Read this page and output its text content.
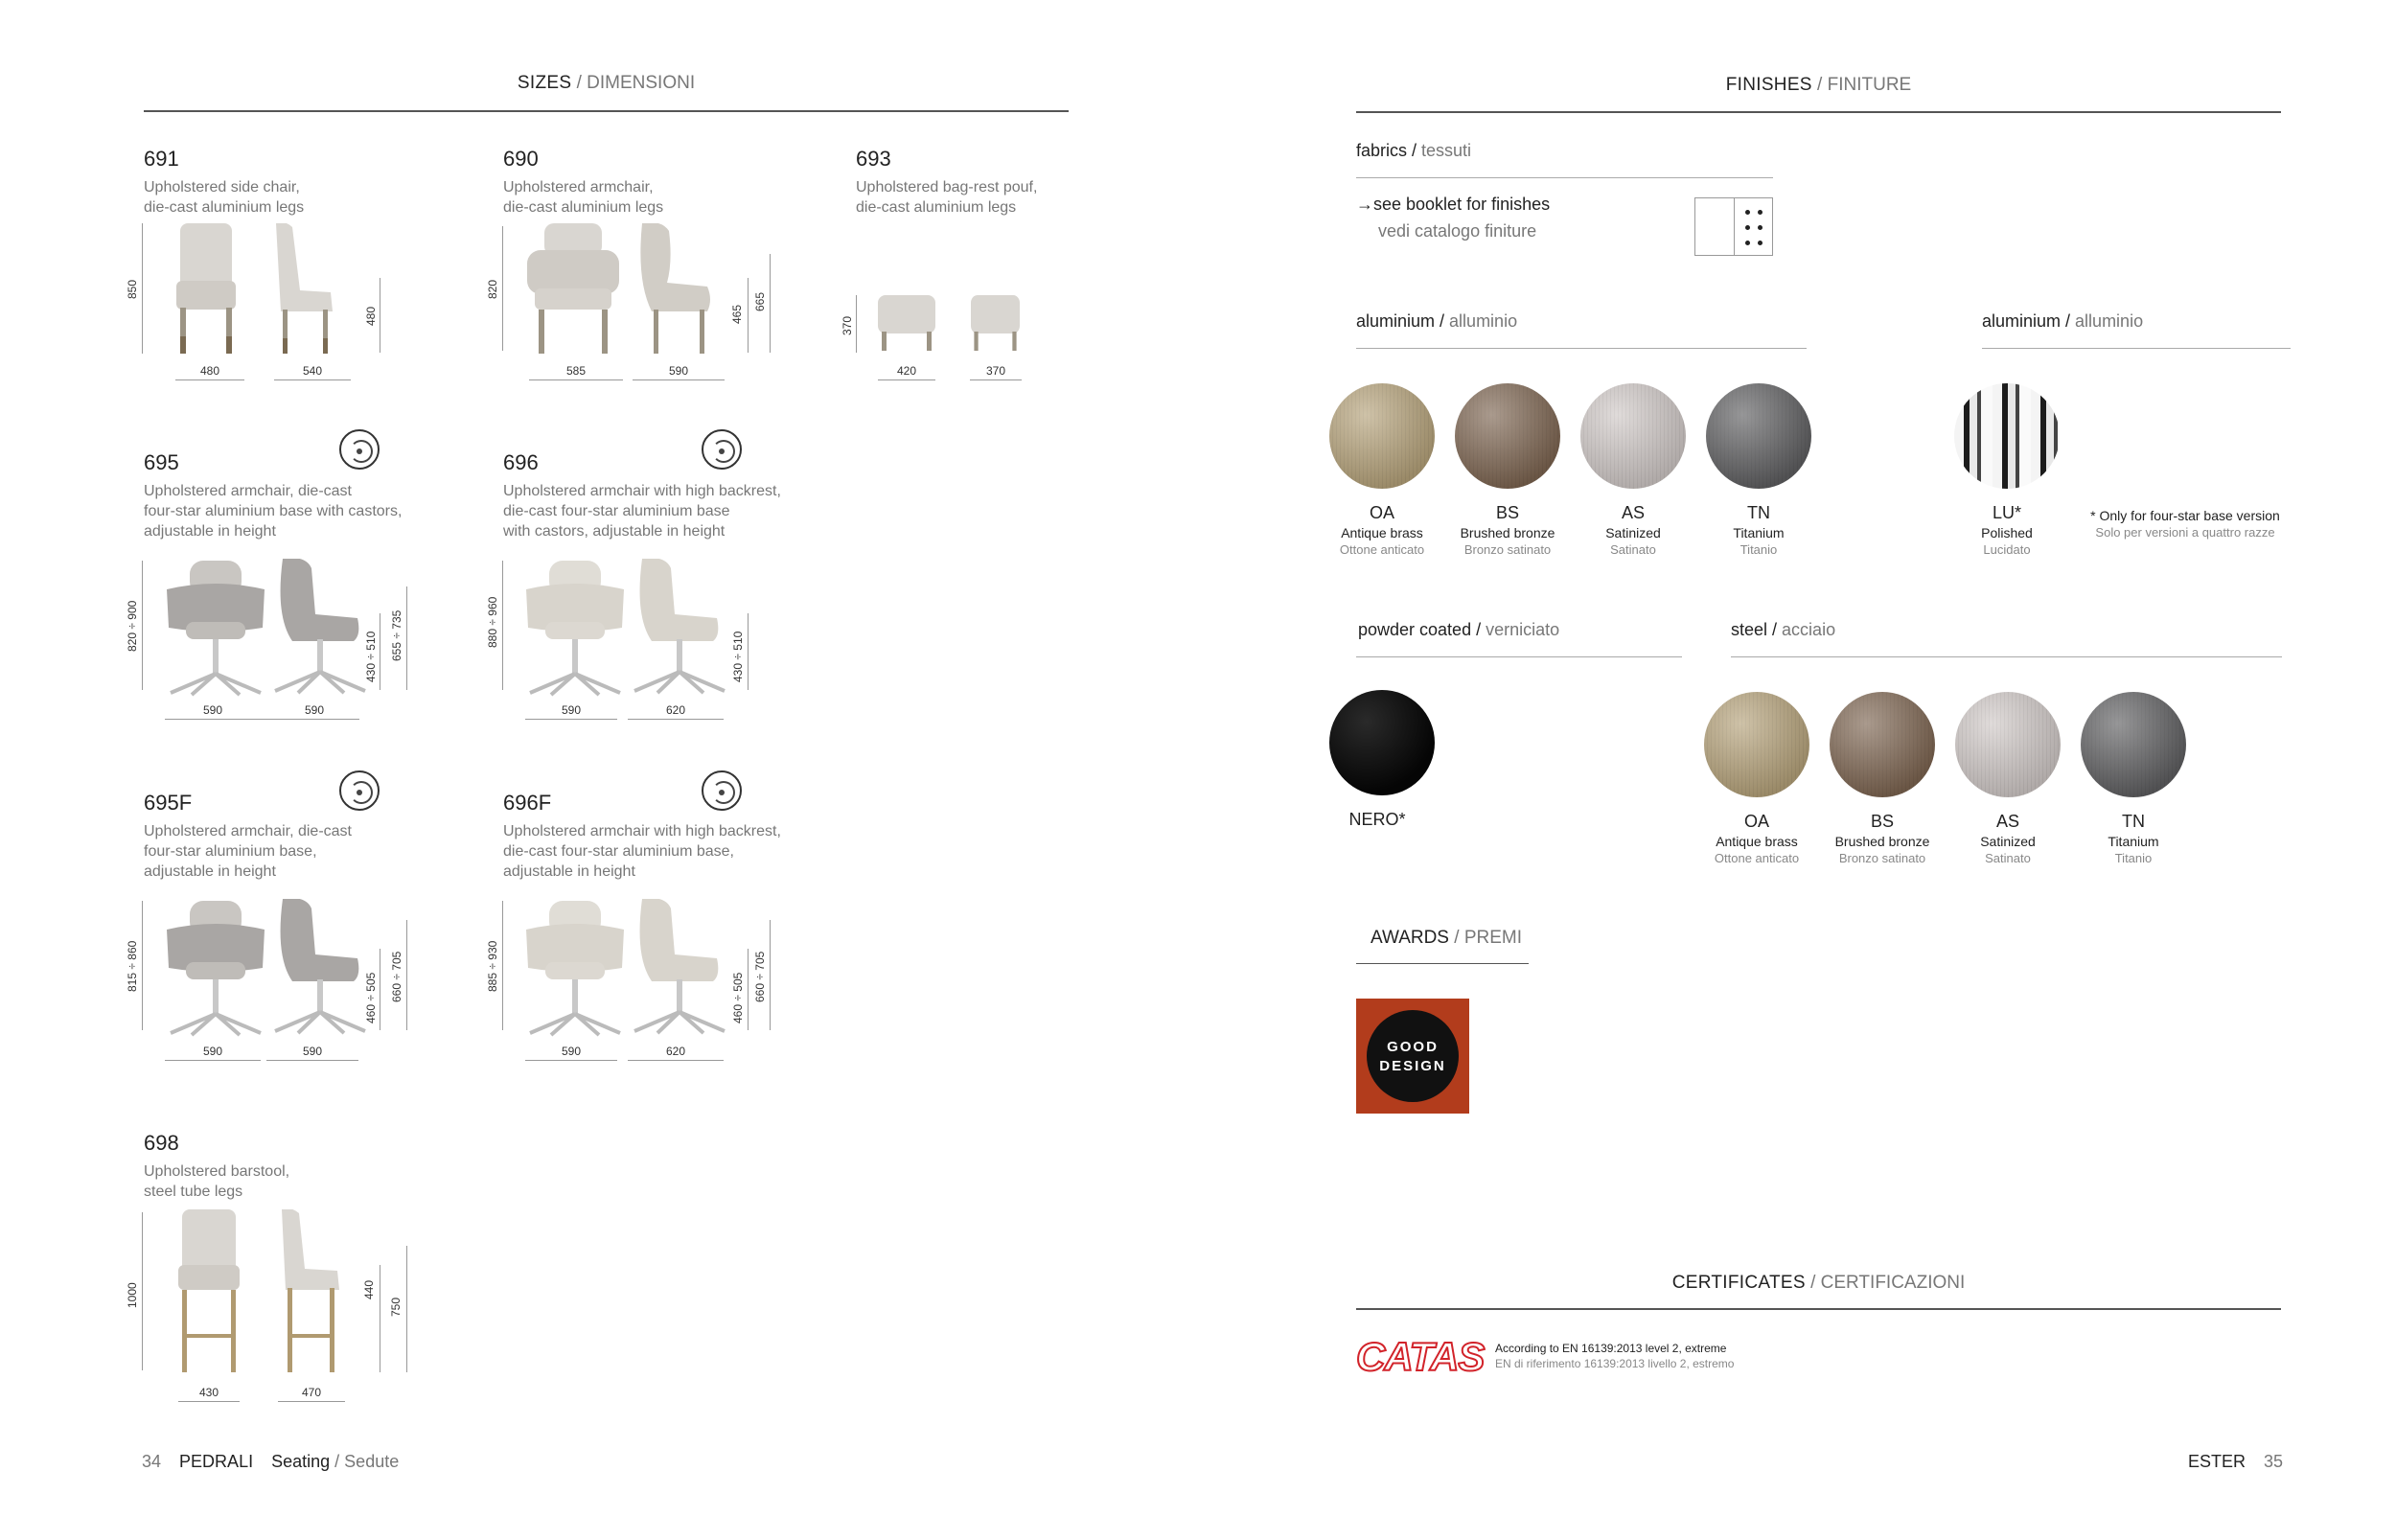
SIZES / DIMENSIONI
691
Upholstered side chair,
die-cast aluminium legs
850
480
480	540
690
Upholstered armchair,
die-cast aluminium legs
820
465
665
585	590
693
Upholstered bag-rest pouf,
die-cast aluminium legs
370
420	370
695
Upholstered armchair, die-cast
four-star aluminium base with castors,
adjustable in height
820 ÷ 900
430 ÷ 510 655 ÷ 735
590	590
696
Upholstered armchair with high backrest,
die-cast four-star aluminium base
with castors, adjustable in height
880 ÷ 960
430 ÷ 510
590	620
695F
Upholstered armchair, die-cast
four-star aluminium base,
adjustable in height
815 ÷ 860
460 ÷ 505 660 ÷ 705
590	590
696F
Upholstered armchair with high backrest,
die-cast four-star aluminium base,
adjustable in height
885 ÷ 930
460 ÷ 505 660 ÷ 705
590	620
698
Upholstered barstool,
steel tube legs
1000	440
750
430	470
34 PEDRALI Seating / Sedute
FINISHES / FINITURE
fabrics / tessuti
→see booklet for finishes
vedi catalogo finiture
aluminium / alluminio
OA
Antique brass
Ottone anticato
BS
Brushed bronze
Bronzo satinato
AS
Satinized
Satinato
TN
Titanium
Titanio
aluminium / alluminio
LU*
Polished
Lucidato
* Only for four-star base version
Solo per versioni a quattro razze
powder coated / verniciato
NERO*
steel / acciaio
OA
Antique brass
Ottone anticato
BS
Brushed bronze
Bronzo satinato
AS
Satinized
Satinato
TN
Titanium
Titanio
AWARDS / PREMI
GOOD
DESIGN
CERTIFICATES / CERTIFICAZIONI
CATAS According to EN 16139:2013 level 2, extreme
EN di riferimento 16139:2013 livello 2, estremo
ESTER 35
